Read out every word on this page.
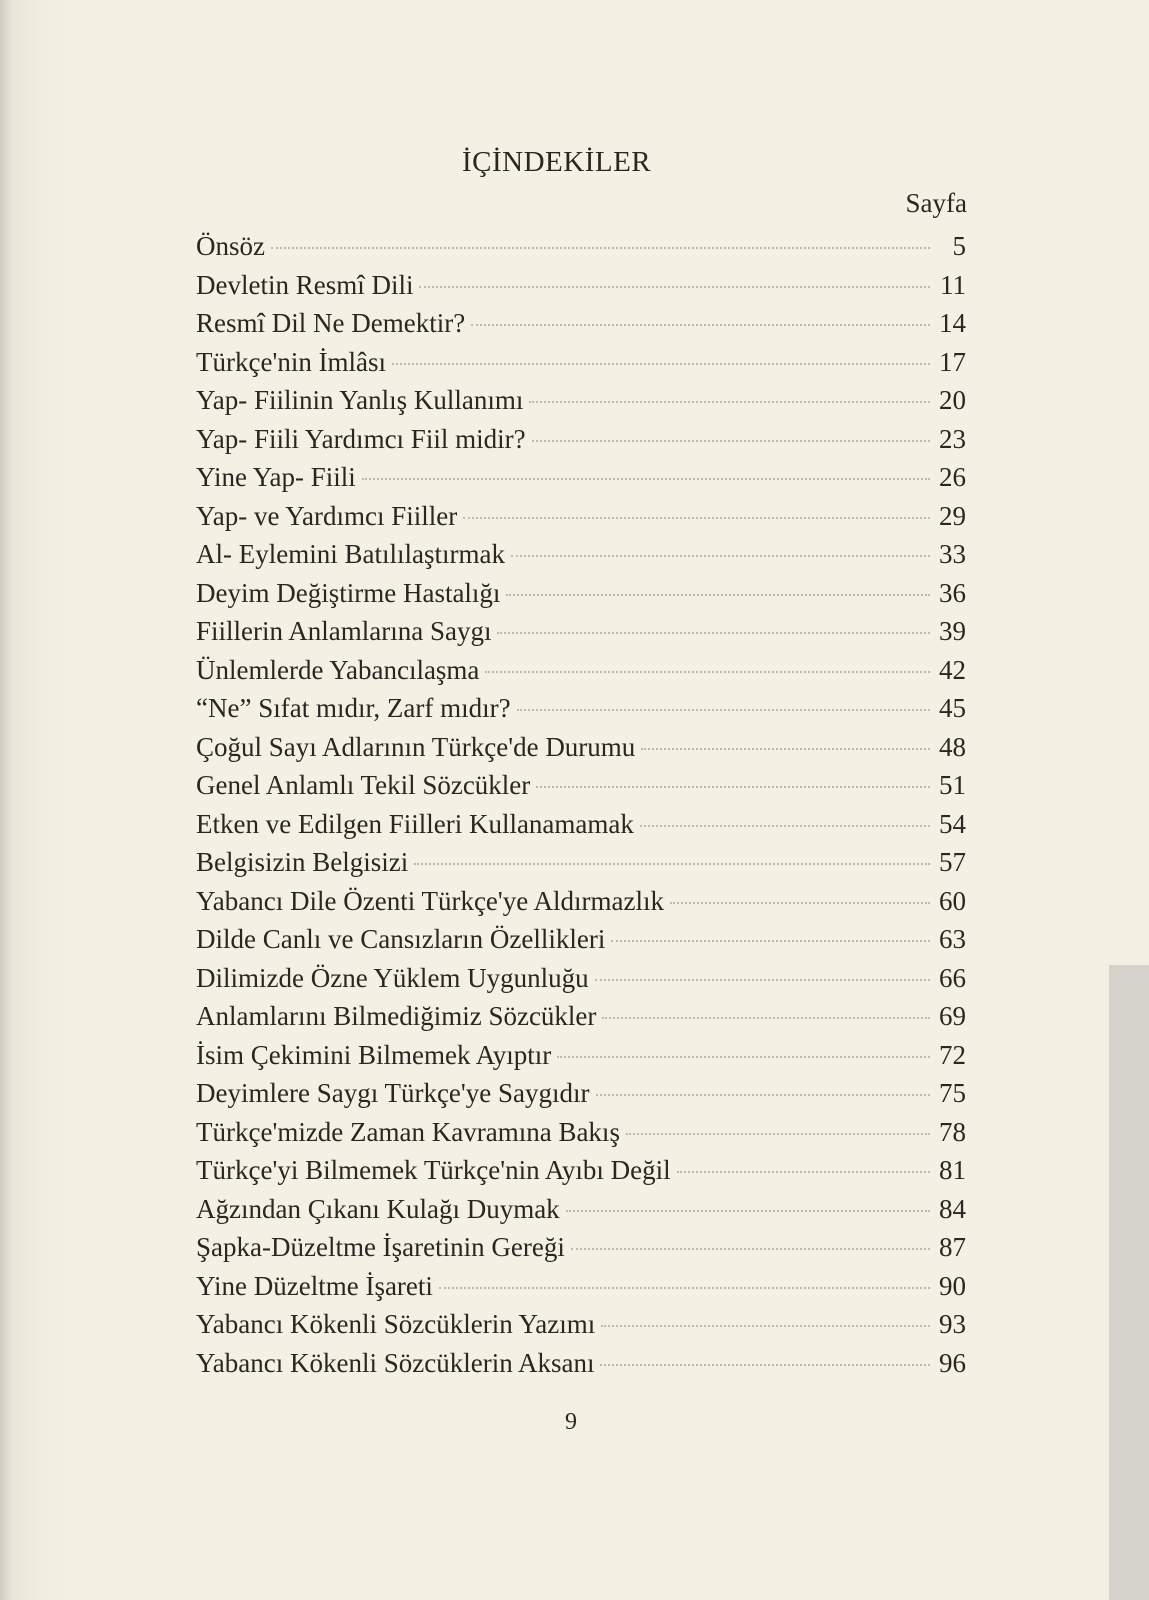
İÇİNDEKİLER
Sayfa
Önsöz	5
Devletin Resmî Dili	11
Resmî Dil Ne Demektir?	14
Türkçe'nin İmlâsı	17
Yap- Fiilinin Yanlış Kullanımı	20
Yap- Fiili Yardımcı Fiil midir?	23
Yine Yap- Fiili	26
Yap- ve Yardımcı Fiiller	29
Al- Eylemini Batılılaştırmak	33
Deyim Değiştirme Hastalığı	36
Fiillerin Anlamlarına Saygı	39
Ünlemlerde Yabancılaşma	42
“Ne” Sıfat mıdır, Zarf mıdır?	45
Çoğul Sayı Adlarının Türkçe'de Durumu	48
Genel Anlamlı Tekil Sözcükler	51
Etken ve Edilgen Fiilleri Kullanamamak	54
Belgisizin Belgisizi	57
Yabancı Dile Özenti Türkçe'ye Aldırmazlık	60
Dilde Canlı ve Cansızların Özellikleri	63
Dilimizde Özne Yüklem Uygunluğu	66
Anlamlarını Bilmediğimiz Sözcükler	69
İsim Çekimini Bilmemek Ayıptır	72
Deyimlere Saygı Türkçe'ye Saygıdır	75
Türkçe'mizde Zaman Kavramına Bakış	78
Türkçe'yi Bilmemek Türkçe'nin Ayıbı Değil	81
Ağzından Çıkanı Kulağı Duymak	84
Şapka-Düzeltme İşaretinin Gereği	87
Yine Düzeltme İşareti	90
Yabancı Kökenli Sözcüklerin Yazımı	93
Yabancı Kökenli Sözcüklerin Aksanı	96
9
